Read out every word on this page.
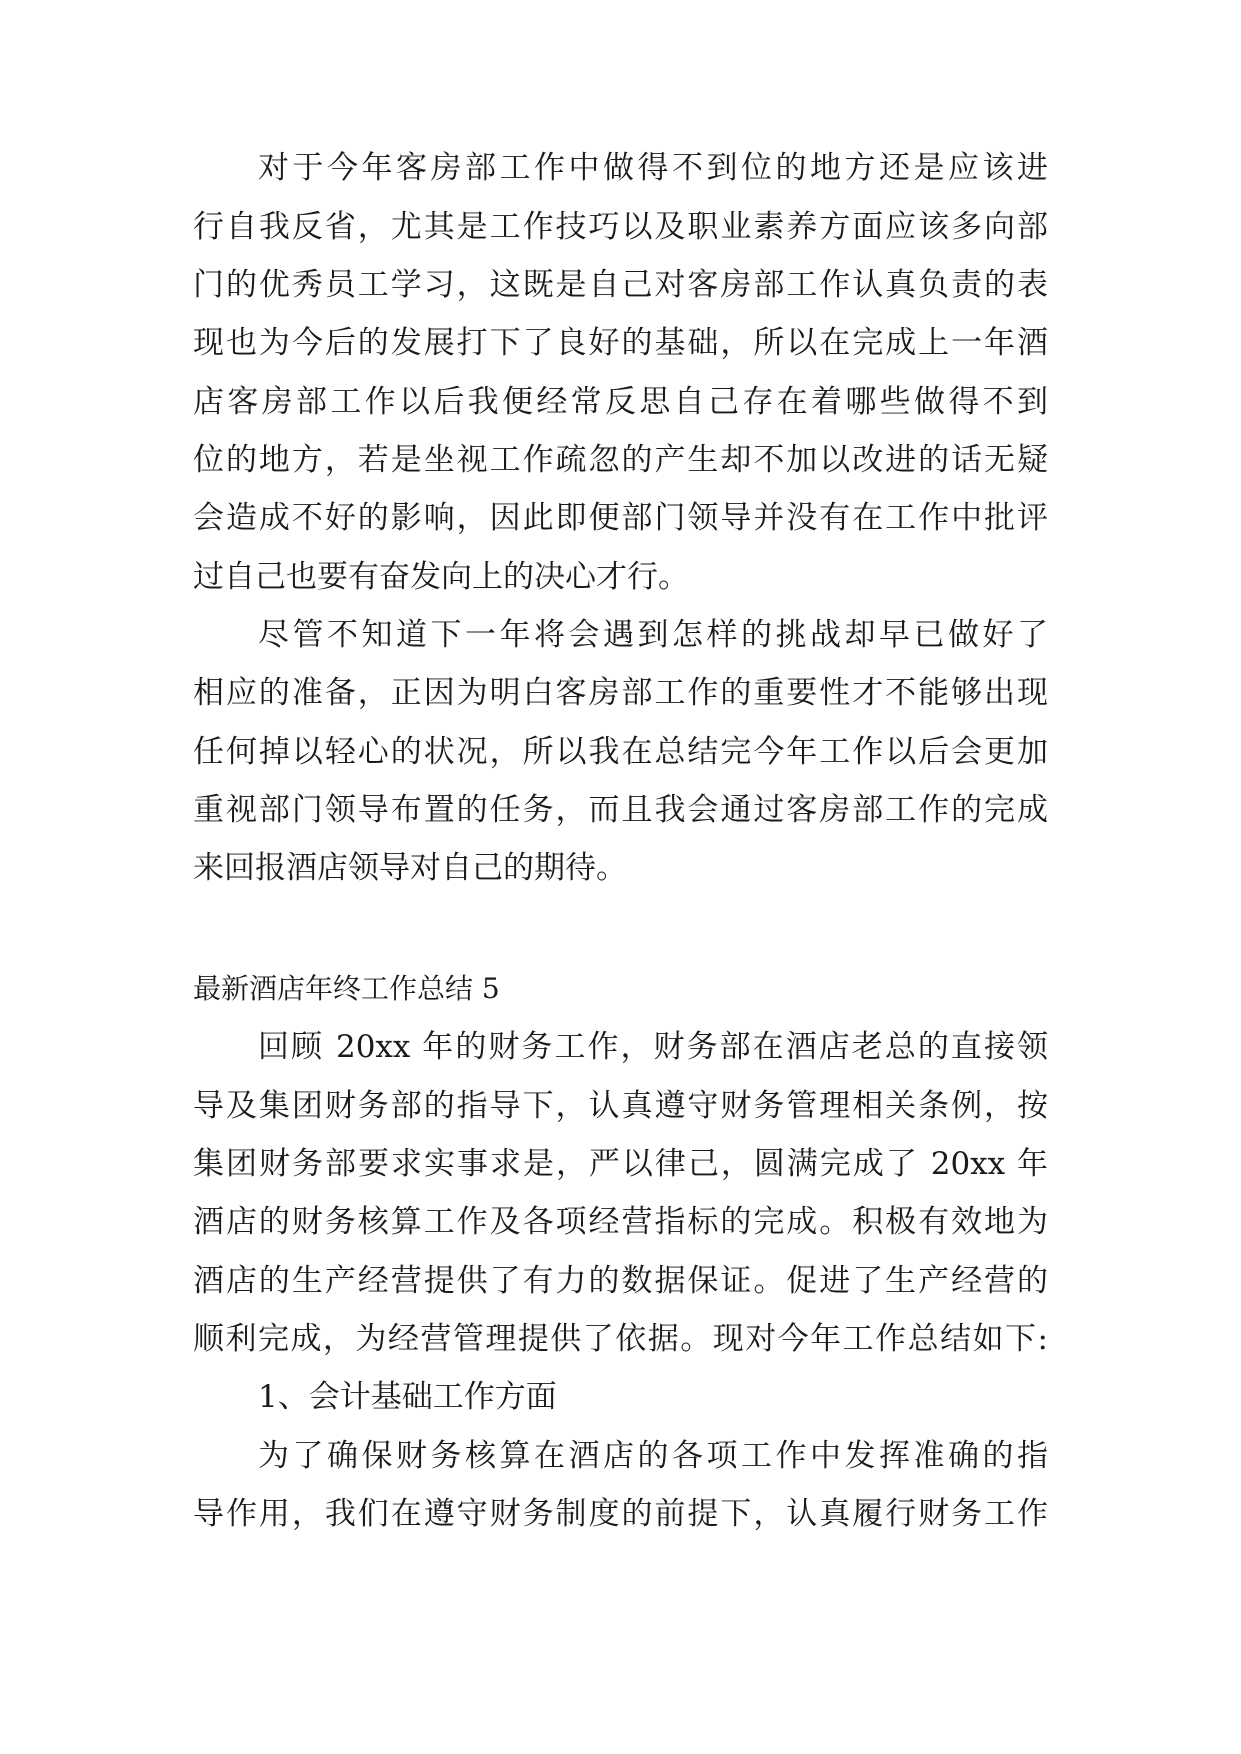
对于今年客房部工作中做得不到位的地方还是应该进
行自我反省，尤其是工作技巧以及职业素养方面应该多向部
门的优秀员工学习，这既是自己对客房部工作认真负责的表
现也为今后的发展打下了良好的基础，所以在完成上一年酒
店客房部工作以后我便经常反思自己存在着哪些做得不到
位的地方，若是坐视工作疏忽的产生却不加以改进的话无疑
会造成不好的影响，因此即便部门领导并没有在工作中批评
过自己也要有奋发向上的决心才行。
尽管不知道下一年将会遇到怎样的挑战却早已做好了
相应的准备，正因为明白客房部工作的重要性才不能够出现
任何掉以轻心的状况，所以我在总结完今年工作以后会更加
重视部门领导布置的任务，而且我会通过客房部工作的完成
来回报酒店领导对自己的期待。
最新酒店年终工作总结 5
回顾 20xx 年的财务工作，财务部在酒店老总的直接领
导及集团财务部的指导下，认真遵守财务管理相关条例，按
集团财务部要求实事求是，严以律己，圆满完成了 20xx 年
酒店的财务核算工作及各项经营指标的完成。积极有效地为
酒店的生产经营提供了有力的数据保证。促进了生产经营的
顺利完成，为经营管理提供了依据。现对今年工作总结如下:
1、会计基础工作方面
为了确保财务核算在酒店的各项工作中发挥准确的指
导作用，我们在遵守财务制度的前提下，认真履行财务工作
